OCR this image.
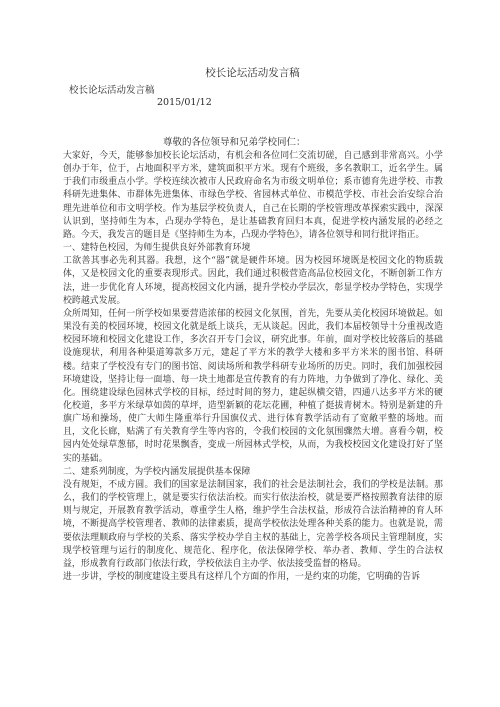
校长论坛活动发言稿
校长论坛活动发言稿
2015/01/12
尊敬的各位领导和兄弟学校同仁：

大家好，今天，能够参加校长论坛活动，有机会和各位同仁交流切磋，自己感到非常高兴。小学创办于年，位于，占地面积平方米，建筑面积平方米。现有个班级，多名教职工，近名学生。属于我们市级重点小学。学校连续次被市人民政府命名为市级文明单位；系市德育先进学校、市教科研先进集体、市群体先进集体、市绿色学校、省园林式单位、市模范学校、市社会治安综合治理先进单位和市文明学校。作为基层学校负责人，自己在长期的学校管理改革探索实践中，深深认识到，坚持师生为本，凸现办学特色，是让基础教育回归本真，促进学校内涵发展的必经之路。今天，我发言的题目是《坚持师生为本，凸现办学特色》，请各位领导和同行批评指正。

一、建特色校园，为师生提供良好外部教育环境

工欲善其事必先利其器。我想，这个“器”就是硬件环境。因为校园环境既是校园文化的物质载体，又是校园文化的重要表现形式。因此，我们通过积极营造高品位校园文化，不断创新工作方法，进一步优化育人环境，提高校园文化内涵，提升学校办学层次，彰显学校办学特色，实现学校跨越式发展。

众所周知，任何一所学校如果要营造浓郁的校园文化氛围，首先，先要从美化校园环境做起。如果没有美的校园环境，校园文化就是纸上谈兵，无从谈起。因此，我们本届校领导十分重视改造校园环境和校园文化建设工作，多次召开专门会议，研究此事。年前，面对学校比较落后的基础设施现状，利用各种渠道筹款多万元，建起了平方米的教学大楼和多平方米米的图书馆、科研楼。结束了学校没有专门的图书馆、阅读场所和教学科研专业场所的历史。同时，我们加强校园环境建设，坚持让每一面墙、每一块土地都是宣传教育的有力阵地，力争做到了净化、绿化、美化。围绕建设绿色园林式学校的目标，经过时间的努力，建起纵横交错，四通八达多平方米的硬化校道，多平方米绿草如茵的草坪，造型新颖的花坛花圃，种植了挺拔青树木。特别是新建的升旗广场和操场，使广大师生隆重举行升国旗仪式、进行体育教学活动有了宽敞平整的场地。而且，文化长廊，贴满了有关教育学生等内容的，令我们校园的文化氛围骤然大增。喜看今朝，校园内处处绿草葱郁，时时花果飘香，变成一所园林式学校，从而，为我校校园文化建设打好了坚实的基础。

二、建系列制度，为学校内涵发展提供基本保障

没有规矩，不成方圆。我们的国家是法制国家，我们的社会是法制社会，我们的学校是法制。那么，我们的学校管理上，就是要实行依法治校。而实行依法治校，就是要严格按照教育法律的原则与规定，开展教育教学活动，尊重学生人格，维护学生合法权益，形成符合法治精神的育人环境，不断提高学校管理者、教师的法律素质，提高学校依法处理各种关系的能力。也就是说，需要依法理顺政府与学校的关系、落实学校办学自主权的基础上，完善学校各项民主管理制度，实现学校管理与运行的制度化、规范化、程序化，依法保障学校、举办者、教师、学生的合法权益，形成教育行政部门依法行政，学校依法自主办学、依法接受监督的格局。

进一步讲，学校的制度建设主要具有这样几个方面的作用，一是约束的功能，它明确的告诉
